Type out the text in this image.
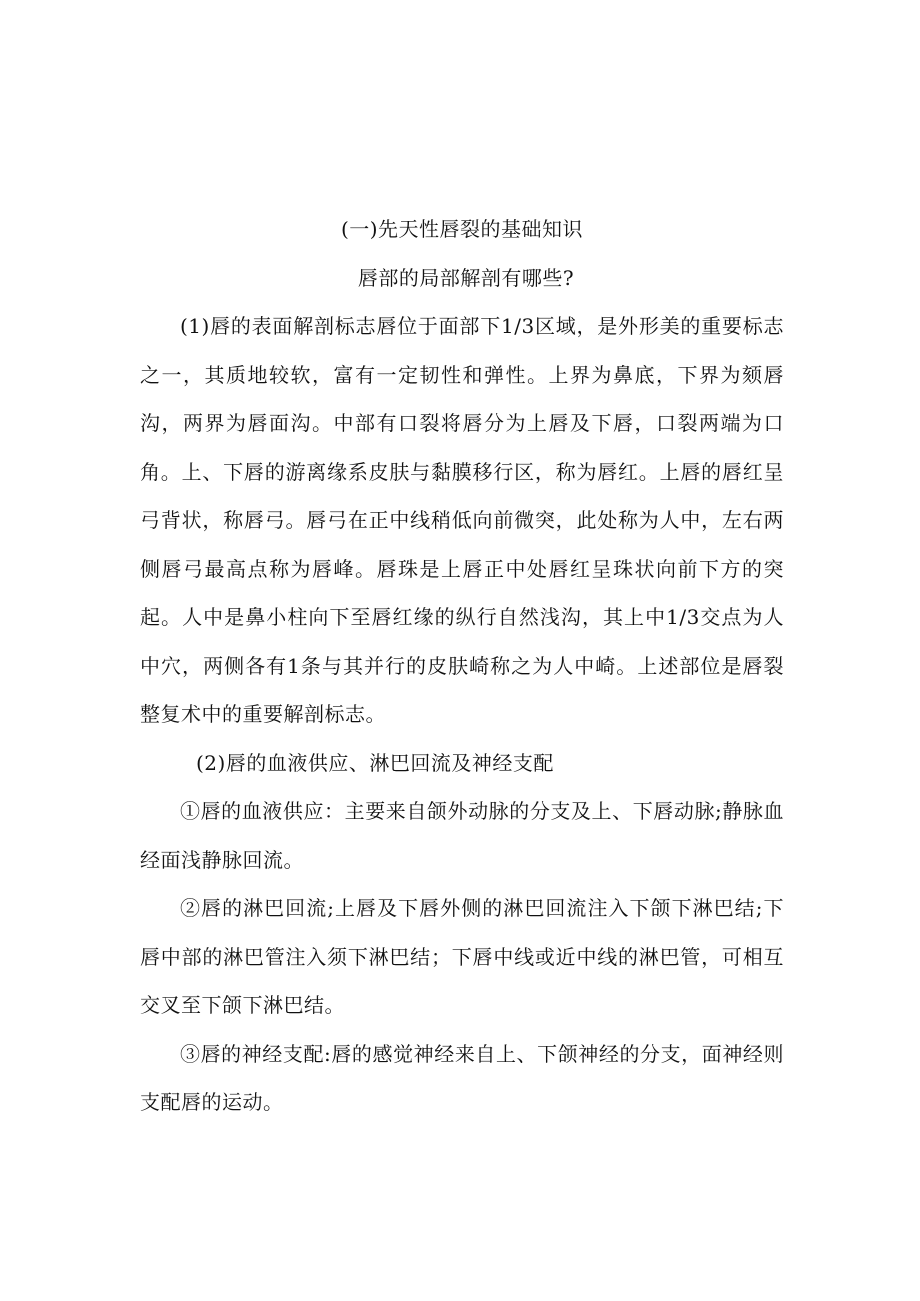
(一)先天性唇裂的基础知识
唇部的局部解剖有哪些?

(1)唇的表面解剖标志唇位于面部下1/3区域，是外形美的重要标志之一，其质地较软，富有一定韧性和弹性。上界为鼻底，下界为颏唇沟，两界为唇面沟。中部有口裂将唇分为上唇及下唇，口裂两端为口角。上、下唇的游离缘系皮肤与黏膜移行区，称为唇红。上唇的唇红呈弓背状，称唇弓。唇弓在正中线稍低向前微突，此处称为人中，左右两侧唇弓最高点称为唇峰。唇珠是上唇正中处唇红呈珠状向前下方的突起。人中是鼻小柱向下至唇红缘的纵行自然浅沟，其上中1/3交点为人中穴，两侧各有1条与其并行的皮肤崎称之为人中崎。上述部位是唇裂整复术中的重要解剖标志。

(2)唇的血液供应、淋巴回流及神经支配

①唇的血液供应：主要来自颌外动脉的分支及上、下唇动脉;静脉血经面浅静脉回流。

②唇的淋巴回流;上唇及下唇外侧的淋巴回流注入下颌下淋巴结;下唇中部的淋巴管注入须下淋巴结；下唇中线或近中线的淋巴管，可相互交叉至下颌下淋巴结。

③唇的神经支配:唇的感觉神经来自上、下颌神经的分支，面神经则支配唇的运动。
